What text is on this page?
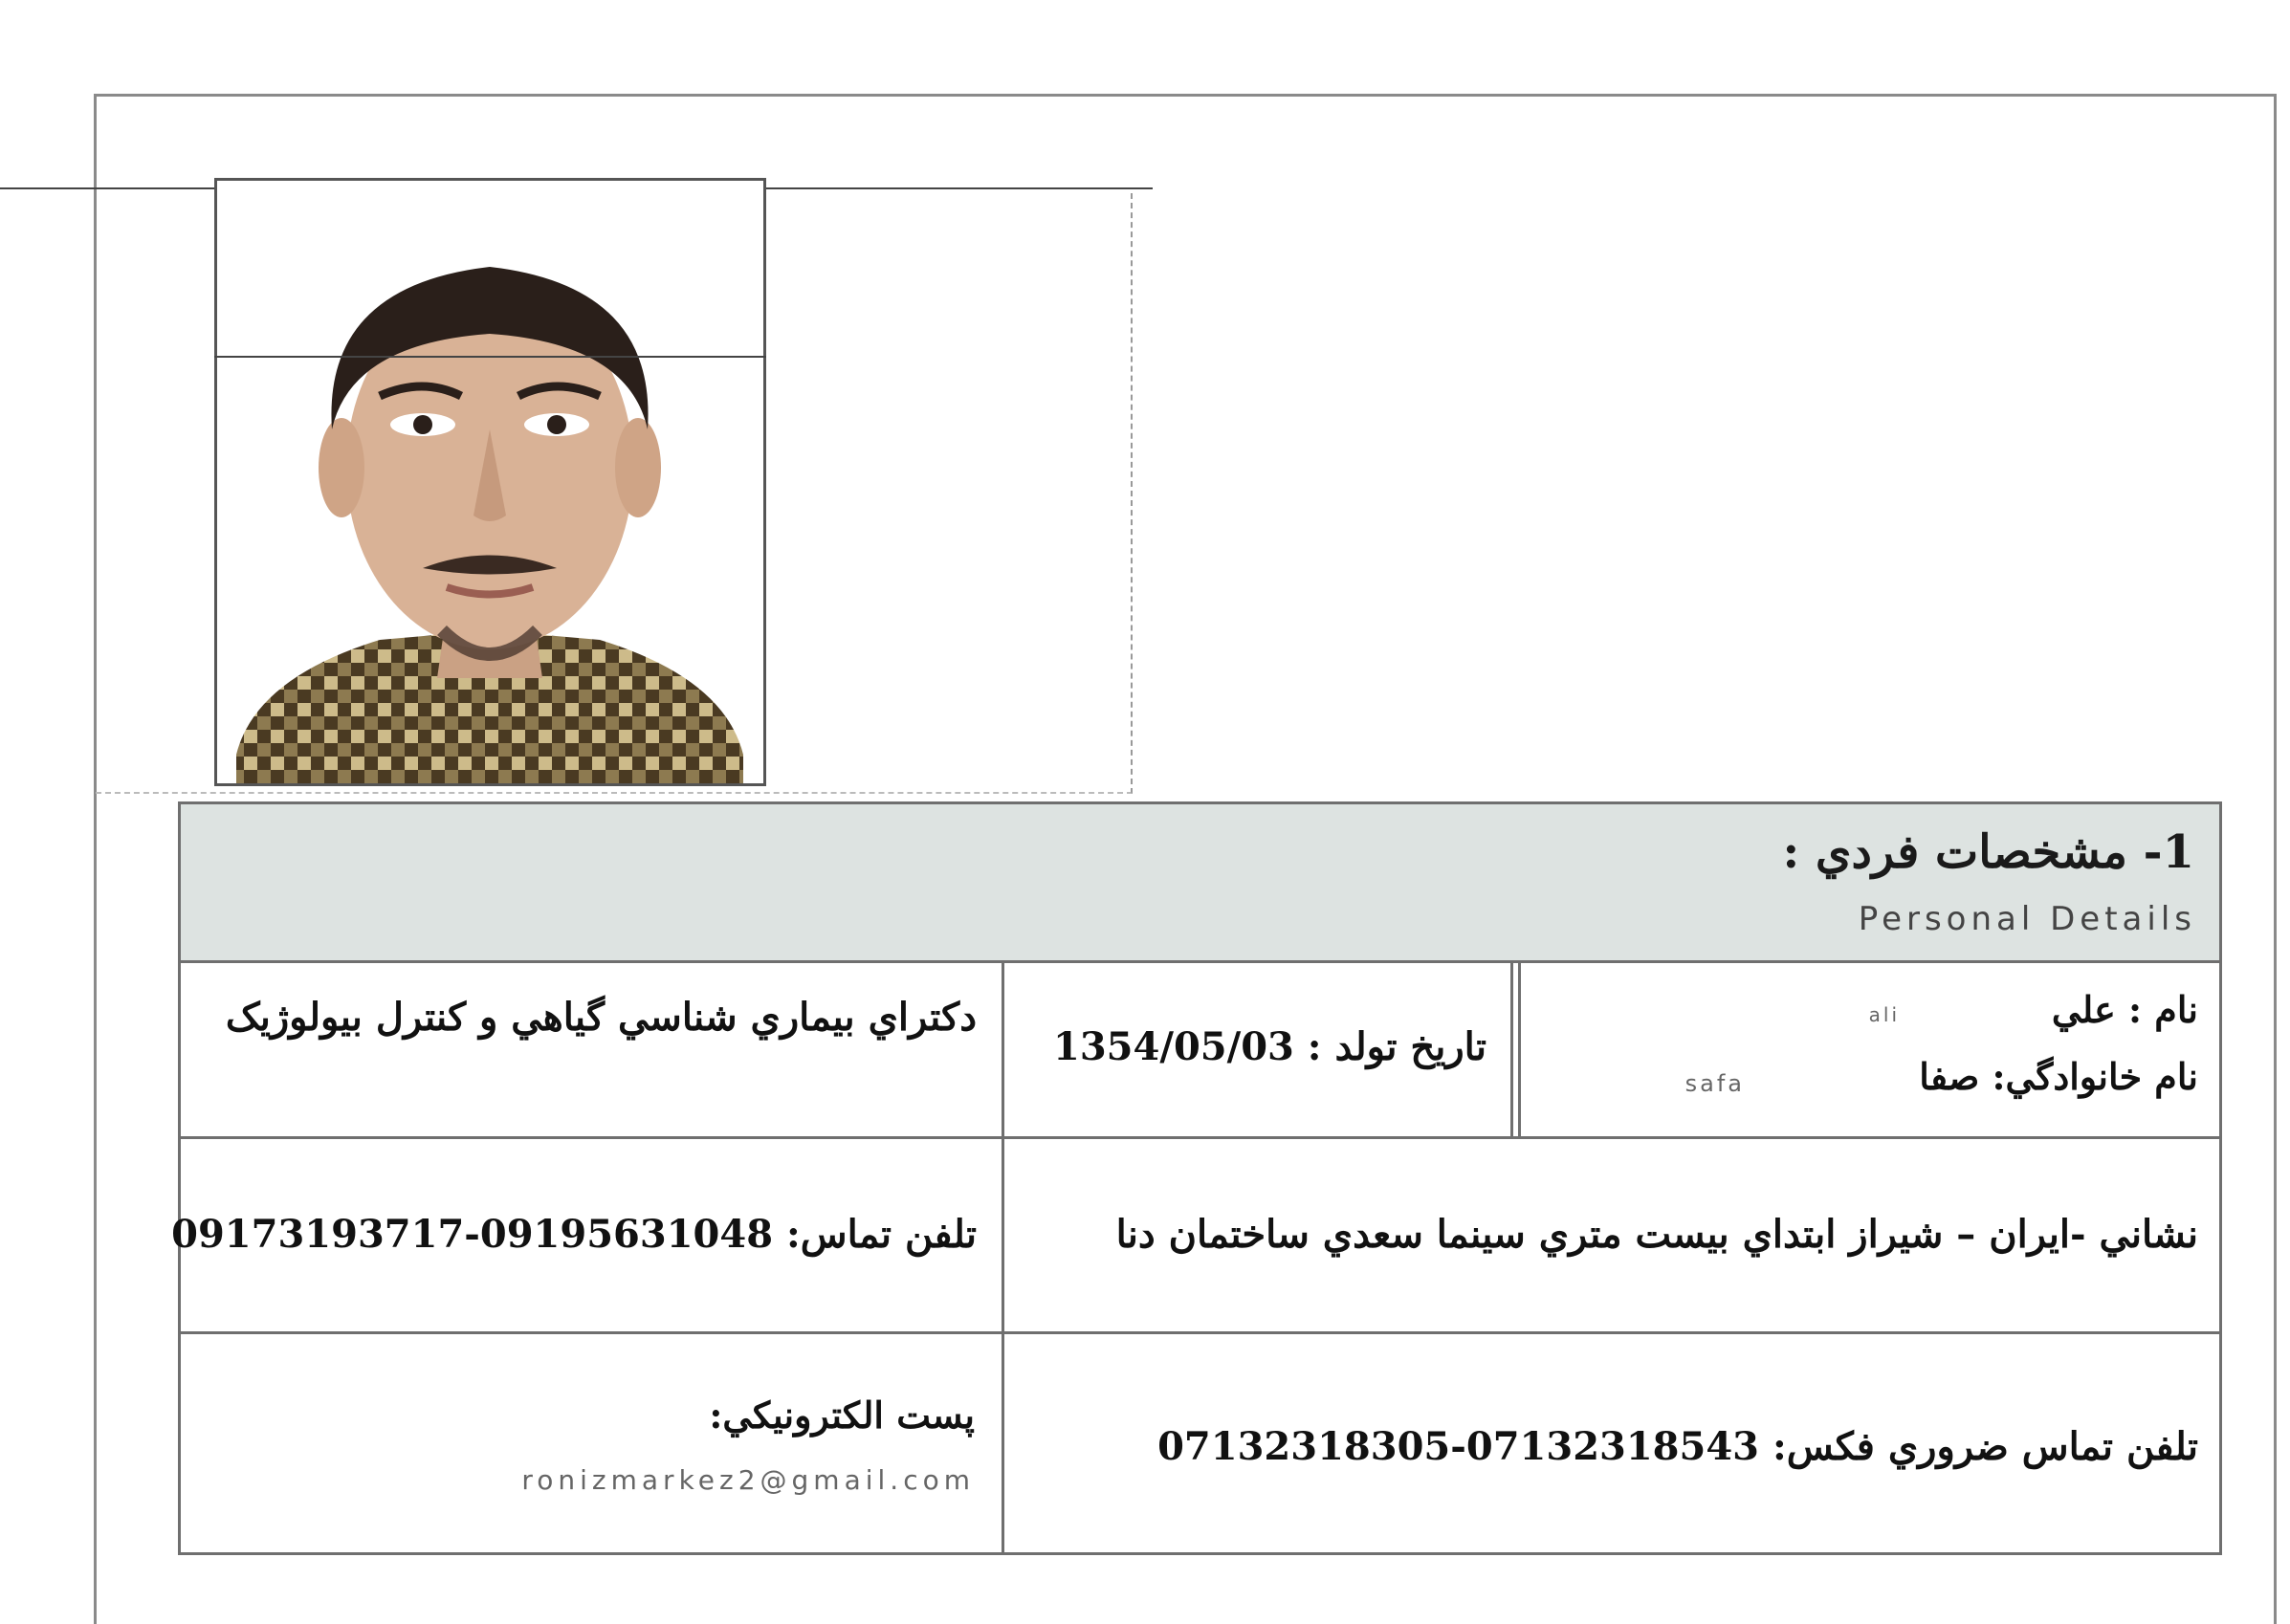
1- مشخصات فردي :
Personal Details
نام : علي
ali
نام خانوادگي: صفا
safa
تاريخ تولد : 1354/05/03
دكتراي بيماري شناسي گياهي و كنترل بيولوژيک
نشاني -ايران – شيراز ابتداي بيست متري سينما سعدي ساختمان دنا
تلفن تماس: 09195631048-09173193717
تلفن تماس ضروري فكس: 07132318543-07132318305
پست الكترونيكي:
ronizmarkez2@gmail.com
